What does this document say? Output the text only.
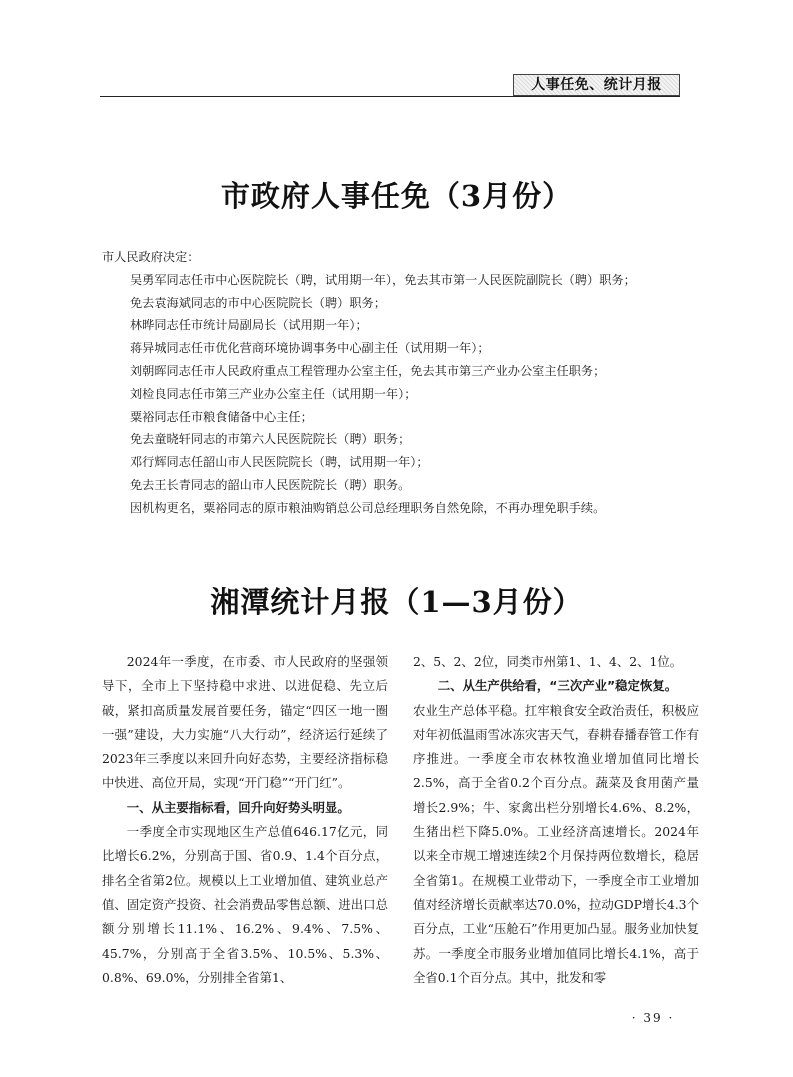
人事任免、统计月报
市政府人事任免（3月份）

市人民政府决定：

吴勇军同志任市中心医院院长（聘，试用期一年），免去其市第一人民医院副院长（聘）职务；

免去袁海斌同志的市中心医院院长（聘）职务；

林晔同志任市统计局副局长（试用期一年）；

蒋异城同志任市优化营商环境协调事务中心副主任（试用期一年）；

刘朝晖同志任市人民政府重点工程管理办公室主任，免去其市第三产业办公室主任职务；

刘检良同志任市第三产业办公室主任（试用期一年）；

粟裕同志任市粮食储备中心主任；

免去童晓轩同志的市第六人民医院院长（聘）职务；

邓行辉同志任韶山市人民医院院长（聘，试用期一年）；

免去王长青同志的韶山市人民医院院长（聘）职务。

因机构更名，粟裕同志的原市粮油购销总公司总经理职务自然免除，不再办理免职手续。

湘潭统计月报（1—3月份）

2024年一季度，在市委、市人民政府的坚强领导下，全市上下坚持稳中求进、以进促稳、先立后破，紧扣高质量发展首要任务，锚定“四区一地一圈一强”建设，大力实施“八大行动”，经济运行延续了2023年三季度以来回升向好态势，主要经济指标稳中快进、高位开局，实现“开门稳”“开门红”。

一、从主要指标看，回升向好势头明显。

一季度全市实现地区生产总值646.17亿元，同比增长6.2%，分别高于国、省0.9、1.4个百分点，排名全省第2位。规模以上工业增加值、建筑业总产值、固定资产投资、社会消费品零售总额、进出口总额分别增长11.1%、16.2%、9.4%、7.5%、45.7%，分别高于全省3.5%、10.5%、5.3%、0.8%、69.0%，分别排全省第1、

2、5、2、2位，同类市州第1、1、4、2、1位。

二、从生产供给看，“三次产业”稳定恢复。

农业生产总体平稳。扛牢粮食安全政治责任，积极应对年初低温雨雪冰冻灾害天气，春耕春播春管工作有序推进。一季度全市农林牧渔业增加值同比增长2.5%，高于全省0.2个百分点。蔬菜及食用菌产量增长2.9%；牛、家禽出栏分别增长4.6%、8.2%，生猪出栏下降5.0%。工业经济高速增长。2024年以来全市规工增速连续2个月保持两位数增长，稳居全省第1。在规模工业带动下，一季度全市工业增加值对经济增长贡献率达70.0%，拉动GDP增长4.3个百分点，工业“压舱石”作用更加凸显。服务业加快复苏。一季度全市服务业增加值同比增长4.1%，高于全省0.1个百分点。其中，批发和零

· 39 ·
